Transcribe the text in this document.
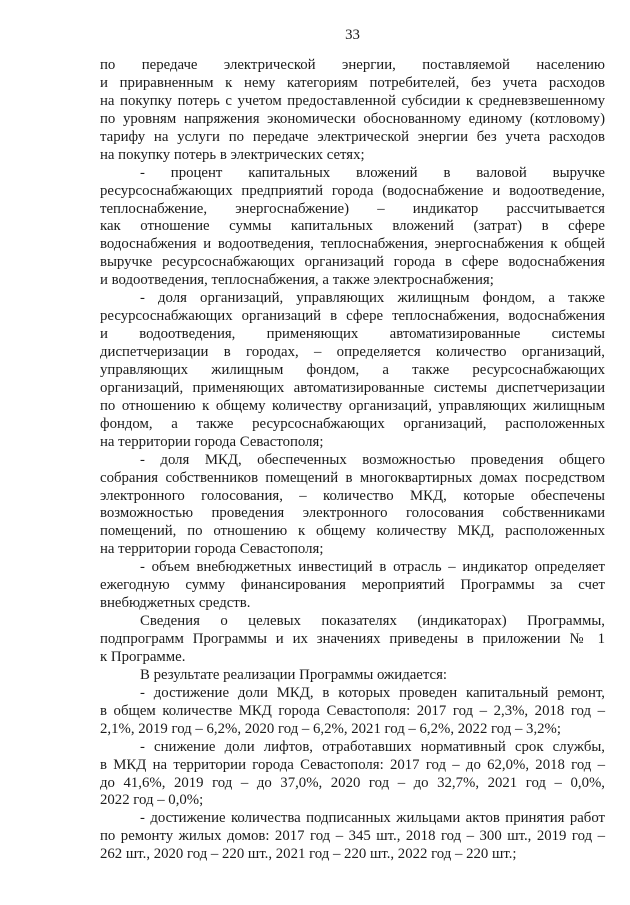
33
по передаче электрической энергии, поставляемой населению
и приравненным к нему категориям потребителей, без учета расходов
на покупку потерь с учетом предоставленной субсидии к средневзвешенному
по уровням напряжения экономически обоснованному единому (котловому)
тарифу на услуги по передаче электрической энергии без учета расходов
на покупку потерь в электрических сетях;
- процент капитальных вложений в валовой выручке
ресурсоснабжающих предприятий города (водоснабжение и водоотведение,
теплоснабжение, энергоснабжение) – индикатор рассчитывается
как отношение суммы капитальных вложений (затрат) в сфере
водоснабжения и водоотведения, теплоснабжения, энергоснабжения к общей
выручке ресурсоснабжающих организаций города в сфере водоснабжения
и водоотведения, теплоснабжения, а также электроснабжения;
- доля организаций, управляющих жилищным фондом, а также
ресурсоснабжающих организаций в сфере теплоснабжения, водоснабжения
и водоотведения, применяющих автоматизированные системы
диспетчеризации в городах, – определяется количество организаций,
управляющих жилищным фондом, а также ресурсоснабжающих
организаций, применяющих автоматизированные системы диспетчеризации
по отношению к общему количеству организаций, управляющих жилищным
фондом, а также ресурсоснабжающих организаций, расположенных
на территории города Севастополя;
- доля МКД, обеспеченных возможностью проведения общего
собрания собственников помещений в многоквартирных домах посредством
электронного голосования, – количество МКД, которые обеспечены
возможностью проведения электронного голосования собственниками
помещений, по отношению к общему количеству МКД, расположенных
на территории города Севастополя;
- объем внебюджетных инвестиций в отрасль – индикатор определяет
ежегодную сумму финансирования мероприятий Программы за счет
внебюджетных средств.
Сведения о целевых показателях (индикаторах) Программы,
подпрограмм Программы и их значениях приведены в приложении № 1
к Программе.
В результате реализации Программы ожидается:
- достижение доли МКД, в которых проведен капитальный ремонт,
в общем количестве МКД города Севастополя: 2017 год – 2,3%, 2018 год –
2,1%, 2019 год – 6,2%, 2020 год – 6,2%, 2021 год – 6,2%, 2022 год – 3,2%;
- снижение доли лифтов, отработавших нормативный срок службы,
в МКД на территории города Севастополя: 2017 год – до 62,0%, 2018 год –
до 41,6%, 2019 год – до 37,0%, 2020 год – до 32,7%, 2021 год – 0,0%,
2022 год – 0,0%;
- достижение количества подписанных жильцами актов принятия работ
по ремонту жилых домов: 2017 год – 345 шт., 2018 год – 300 шт., 2019 год –
262 шт., 2020 год – 220 шт., 2021 год – 220 шт., 2022 год – 220 шт.;
